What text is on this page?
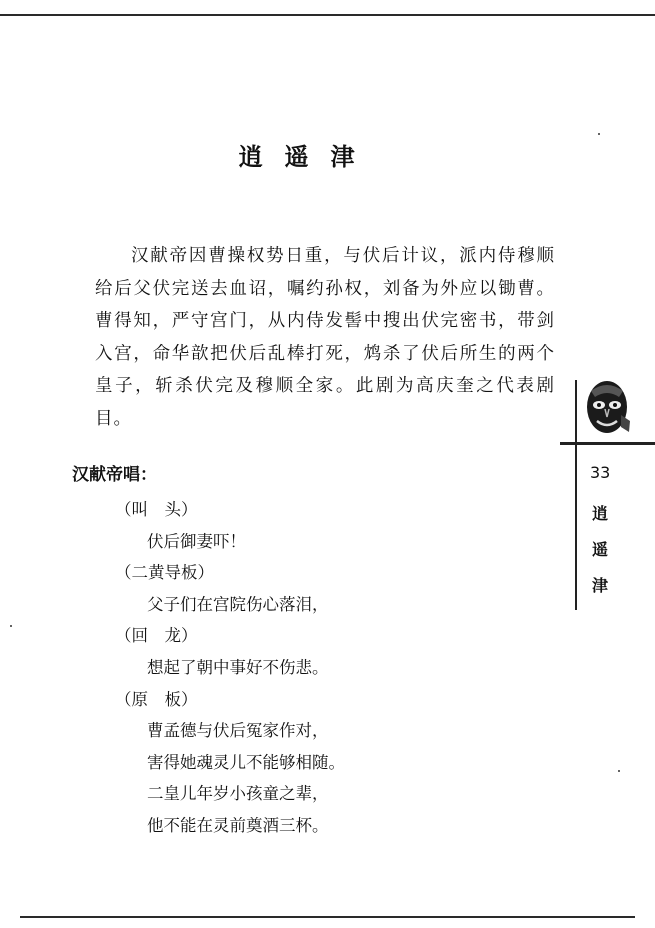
逍遥津
汉献帝因曹操权势日重，与伏后计议，派内侍穆顺给后父伏完送去血诏，嘱约孙权，刘备为外应以锄曹。曹得知，严守宫门，从内侍发髻中搜出伏完密书，带剑入宫，命华歆把伏后乱棒打死，鸩杀了伏后所生的两个皇子，斩杀伏完及穆顺全家。此剧为高庆奎之代表剧目。
汉献帝唱：
（叫　头）
伏后御妻吓！
（二黄导板）
父子们在宫院伤心落泪，
（回　龙）
想起了朝中事好不伤悲。
（原　板）
曹孟德与伏后冤家作对，
害得她魂灵儿不能够相随。
二皇儿年岁小孩童之辈，
他不能在灵前奠酒三杯。
33
逍
遥
津
